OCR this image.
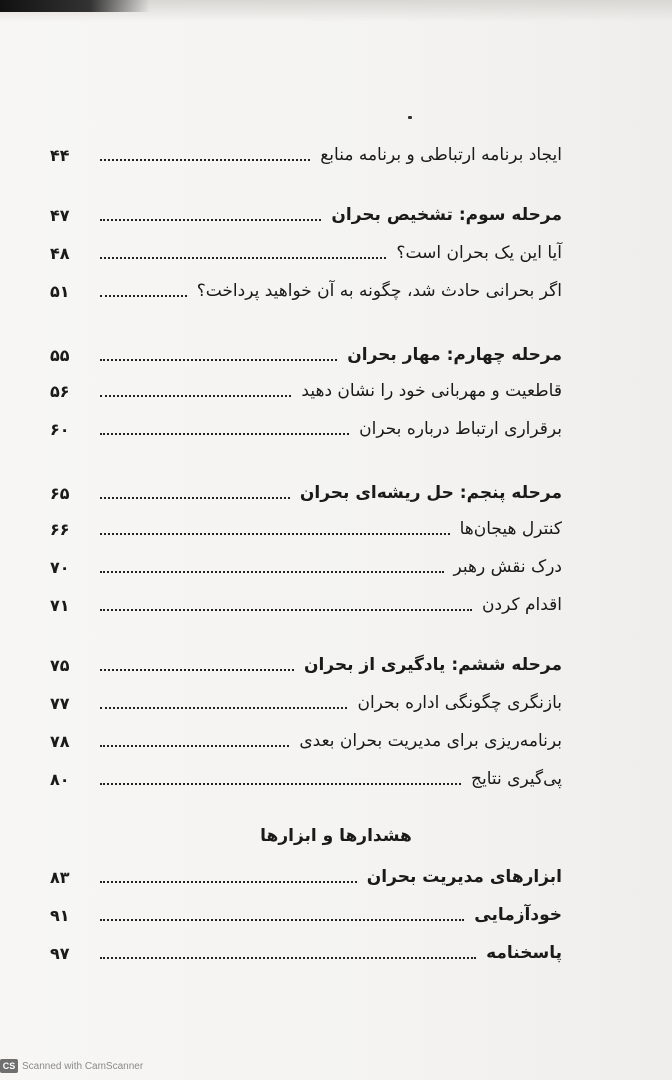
ایجاد برنامه ارتباطی و برنامه منابع
۴۴
مرحله سوم: تشخیص بحران
۴۷
آیا این یک بحران است؟
۴۸
اگر بحرانی حادث شد، چگونه به آن خواهید پرداخت؟
۵۱
مرحله چهارم: مهار بحران
۵۵
قاطعیت و مهربانی خود را نشان دهید
۵۶
برقراری ارتباط درباره بحران
۶۰
مرحله پنجم: حل ریشه‌ای بحران
۶۵
کنترل هیجان‌ها
۶۶
درک نقش رهبر
۷۰
اقدام کردن
۷۱
مرحله ششم: یادگیری از بحران
۷۵
بازنگری چگونگی اداره بحران
۷۷
برنامه‌ریزی برای مدیریت بحران بعدی
۷۸
پی‌گیری نتایج
۸۰
هشدارها و ابزارها
ابزارهای مدیریت بحران
۸۳
خودآزمایی
۹۱
پاسخنامه
۹۷
CS Scanned with CamScanner
